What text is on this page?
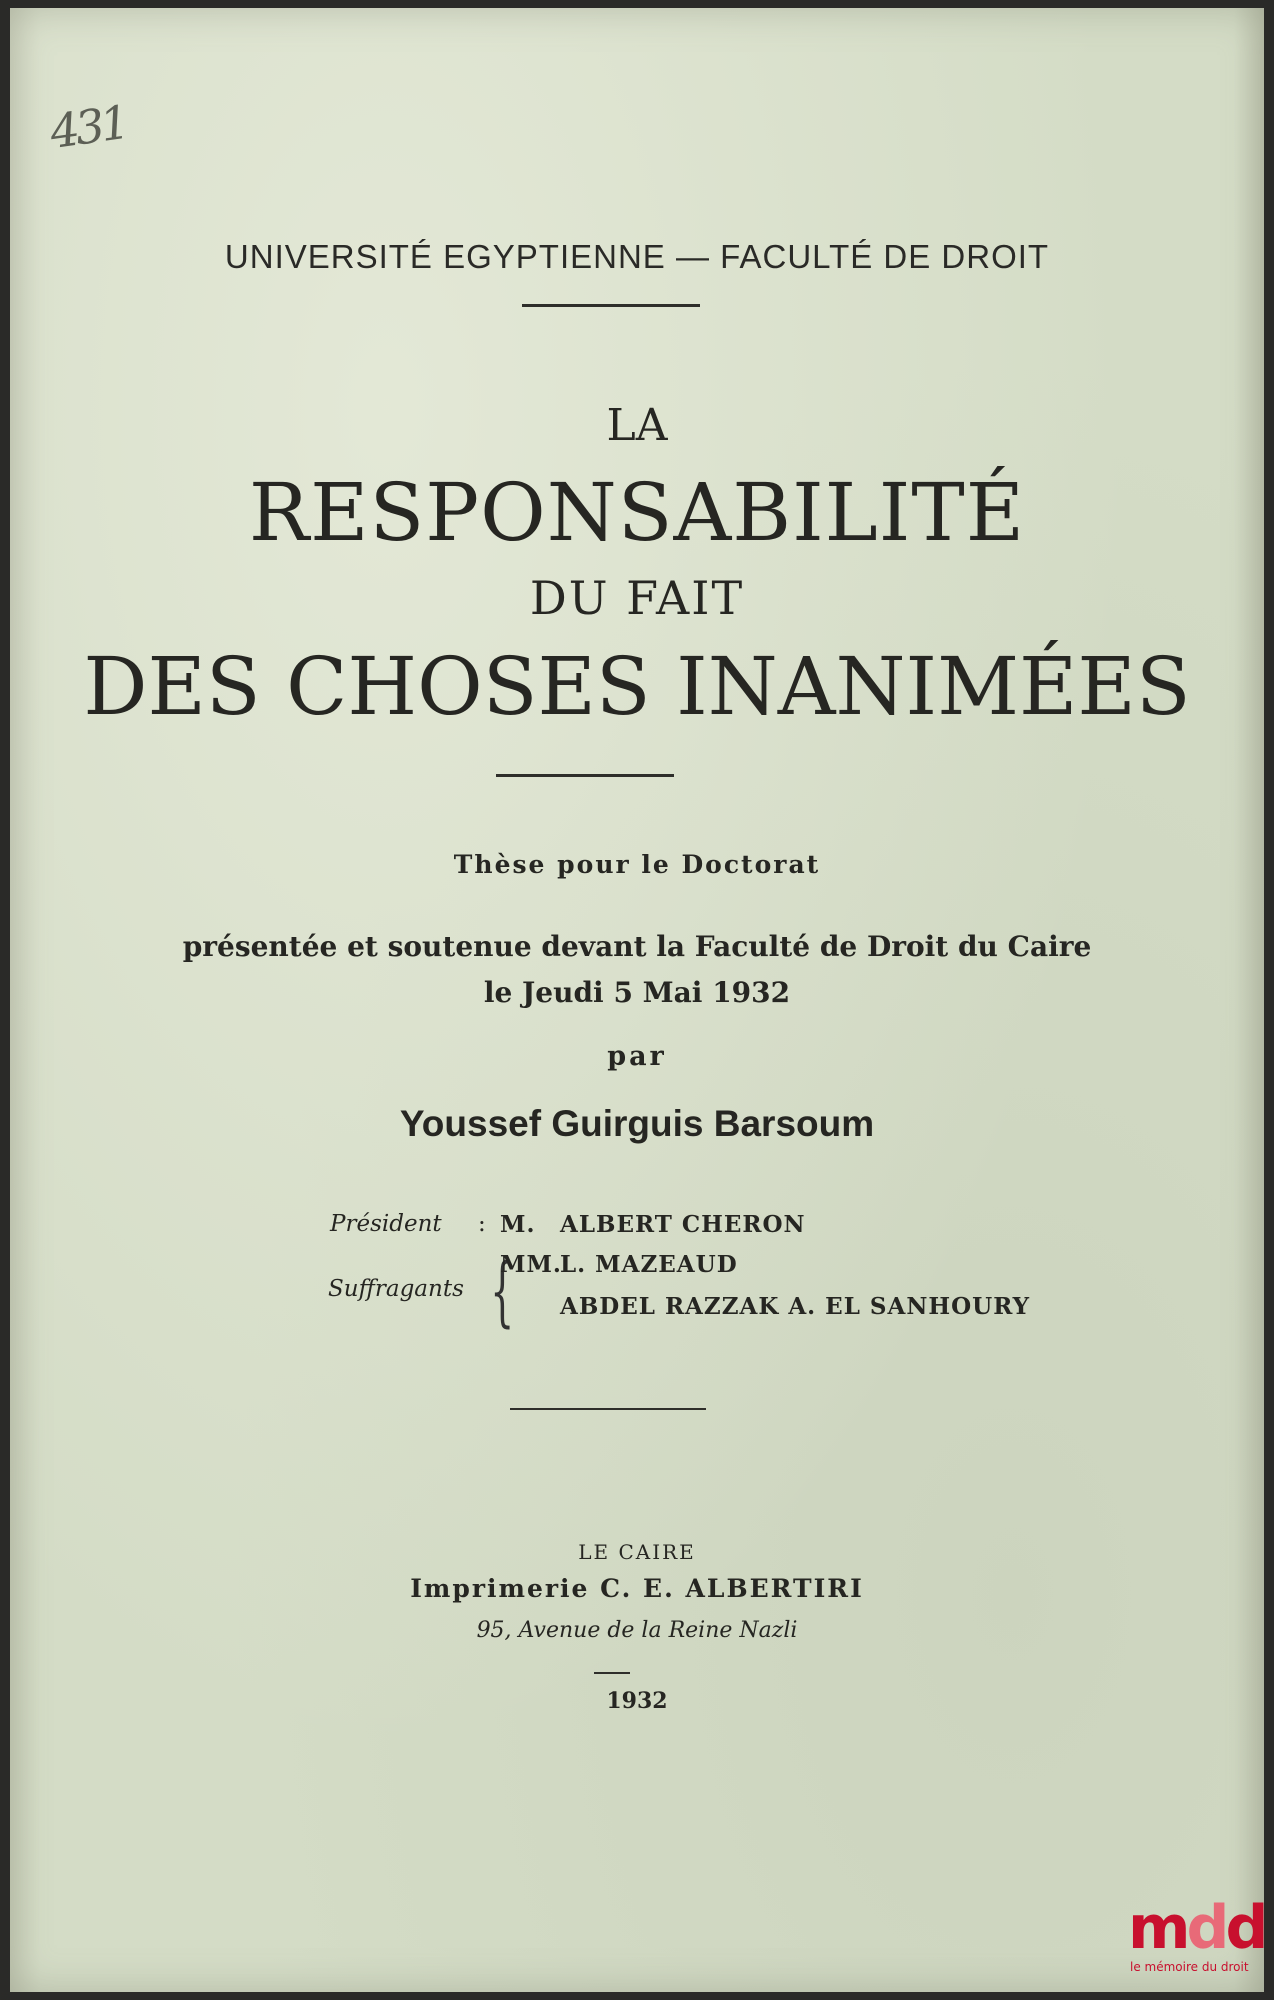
431
UNIVERSITÉ EGYPTIENNE — FACULTÉ DE DROIT
LA
RESPONSABILITÉ
DU FAIT
DES CHOSES INANIMÉES
Thèse pour le Doctorat
présentée et soutenue devant la Faculté de Droit du Caire
le Jeudi 5 Mai 1932
par
Youssef Guirguis Barsoum
Président : M. ALBERT CHERON
Suffragants {
MM.
L. MAZEAUD
ABDEL RAZZAK A. EL SANHOURY
LE CAIRE
Imprimerie C. E. ALBERTIRI
95, Avenue de la Reine Nazli
1932
mdd
le mémoire du droit
